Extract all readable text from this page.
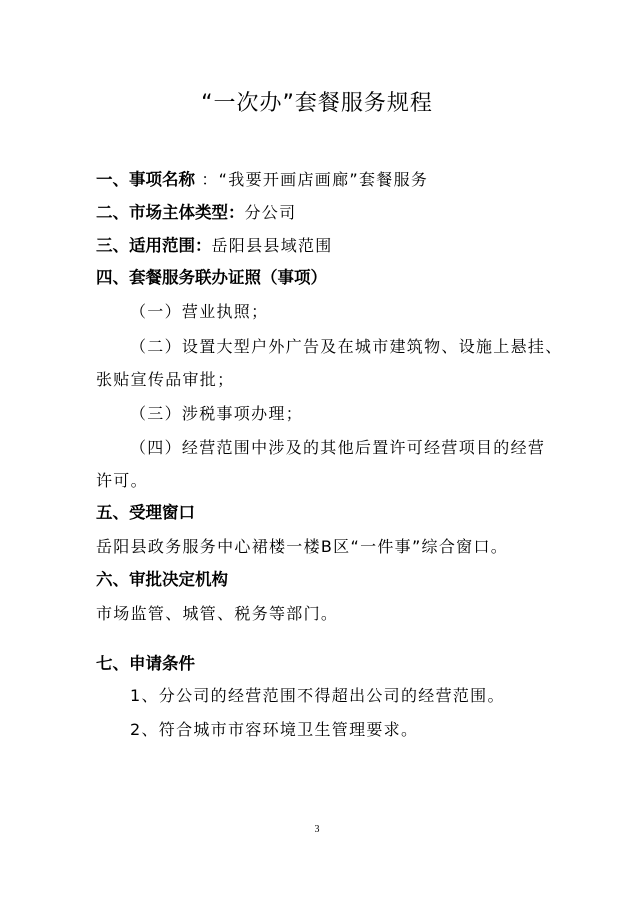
“一次办”套餐服务规程
一、事项名称 ：“我要开画店画廊”套餐服务
二、市场主体类型：分公司
三、适用范围：岳阳县县域范围
四、套餐服务联办证照（事项）
（一）营业执照；
（二）设置大型户外广告及在城市建筑物、设施上悬挂、
张贴宣传品审批；
（三）涉税事项办理；
（四）经营范围中涉及的其他后置许可经营项目的经营
许可。
五、受理窗口
岳阳县政务服务中心裙楼一楼B区“一件事”综合窗口。
六、审批决定机构
市场监管、城管、税务等部门。
七、申请条件
1、分公司的经营范围不得超出公司的经营范围。
2、符合城市市容环境卫生管理要求。
3
